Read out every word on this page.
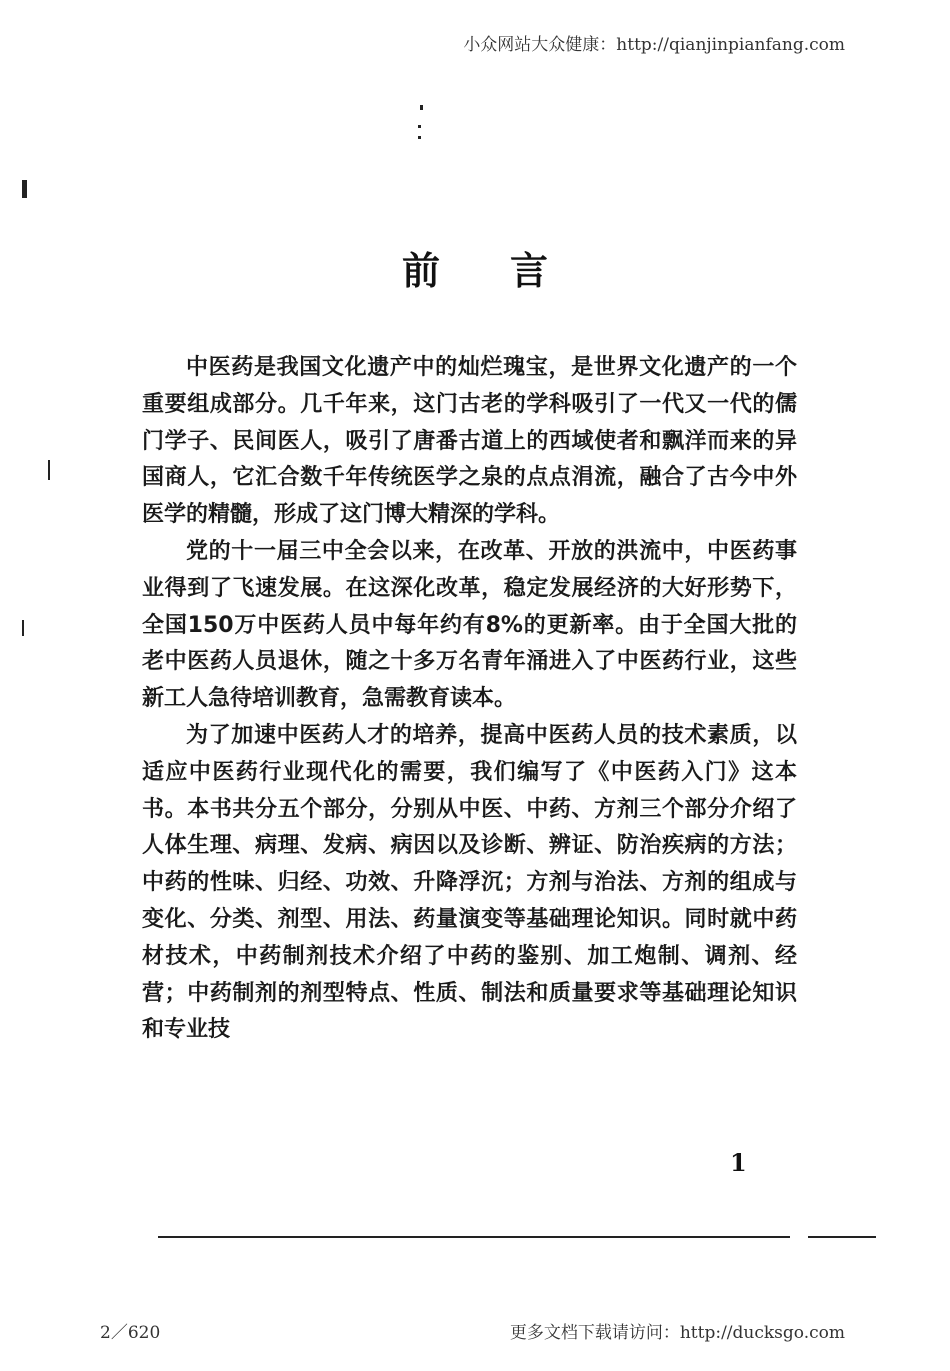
小众网站大众健康：http://qianjinpianfang.com
前言

中医药是我国文化遗产中的灿烂瑰宝，是世界文化遗产的一个重要组成部分。几千年来，这门古老的学科吸引了一代又一代的儒门学子、民间医人，吸引了唐番古道上的西域使者和飘洋而来的异国商人，它汇合数千年传统医学之泉的点点涓流，融合了古今中外医学的精髓，形成了这门博大精深的学科。

党的十一届三中全会以来，在改革、开放的洪流中，中医药事业得到了飞速发展。在这深化改革，稳定发展经济的大好形势下，全国150万中医药人员中每年约有8%的更新率。由于全国大批的老中医药人员退休，随之十多万名青年涌进入了中医药行业，这些新工人急待培训教育，急需教育读本。

为了加速中医药人才的培养，提高中医药人员的技术素质，以适应中医药行业现代化的需要，我们编写了《中医药入门》这本书。本书共分五个部分，分别从中医、中药、方剂三个部分介绍了人体生理、病理、发病、病因以及诊断、辨证、防治疾病的方法；中药的性味、归经、功效、升降浮沉；方剂与治法、方剂的组成与变化、分类、剂型、用法、药量演变等基础理论知识。同时就中药材技术，中药制剂技术介绍了中药的鉴别、加工炮制、调剂、经营；中药制剂的剂型特点、性质、制法和质量要求等基础理论知识和专业技

1
2／620	更多文档下载请访问：http://ducksgo.com
